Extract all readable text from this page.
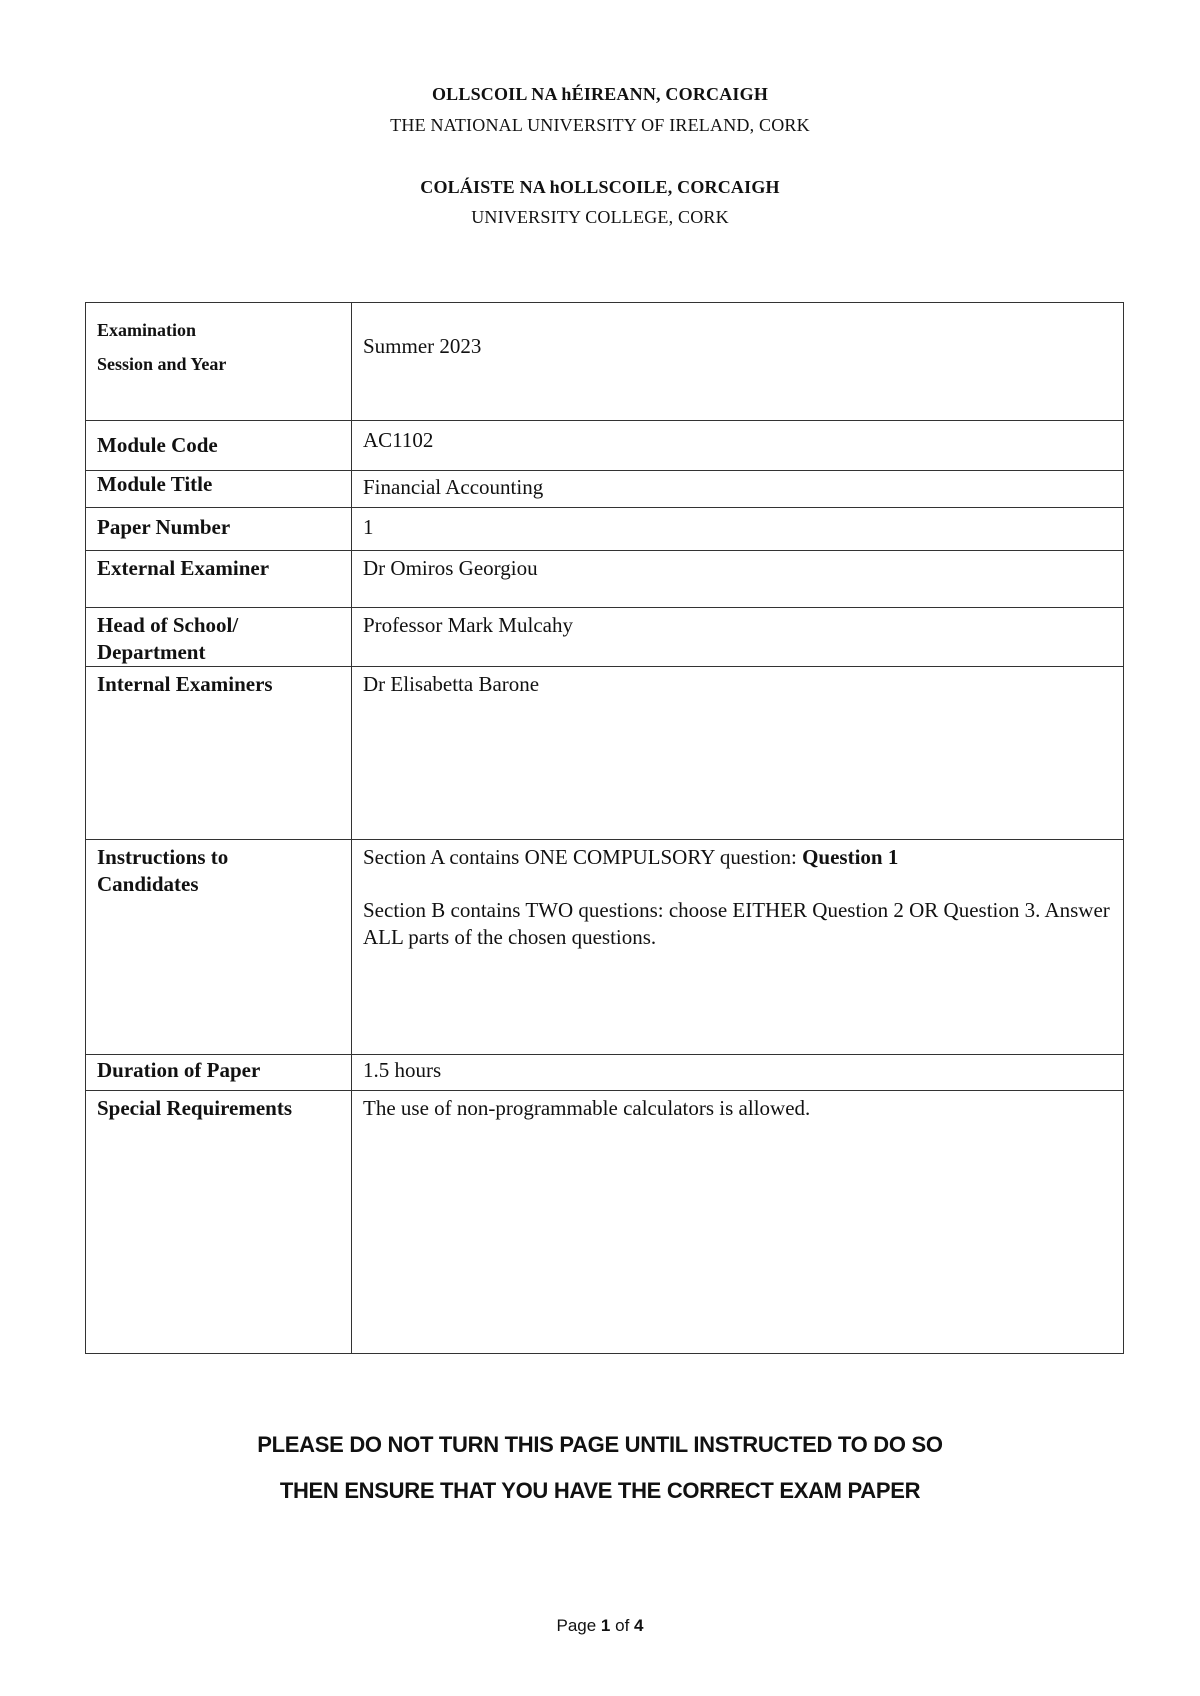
OLLSCOIL NA hÉIREANN, CORCAIGH
THE NATIONAL UNIVERSITY OF IRELAND, CORK
COLÁISTE NA hOLLSCOILE, CORCAIGH
UNIVERSITY COLLEGE, CORK
Examination
Session and Year	Summer 2023
Module Code	AC1102
Module Title	Financial Accounting
Paper Number	1
External Examiner	Dr Omiros Georgiou
Head of School/ Department	Professor Mark Mulcahy
Internal Examiners	Dr Elisabetta Barone
Instructions to Candidates	Section A contains ONE COMPULSORY question: Question 1

Section B contains TWO questions: choose EITHER Question 2 OR Question 3. Answer ALL parts of the chosen questions.

Duration of Paper	1.5 hours
Special Requirements	The use of non-programmable calculators is allowed.
PLEASE DO NOT TURN THIS PAGE UNTIL INSTRUCTED TO DO SO
THEN ENSURE THAT YOU HAVE THE CORRECT EXAM PAPER
Page 1 of 4
